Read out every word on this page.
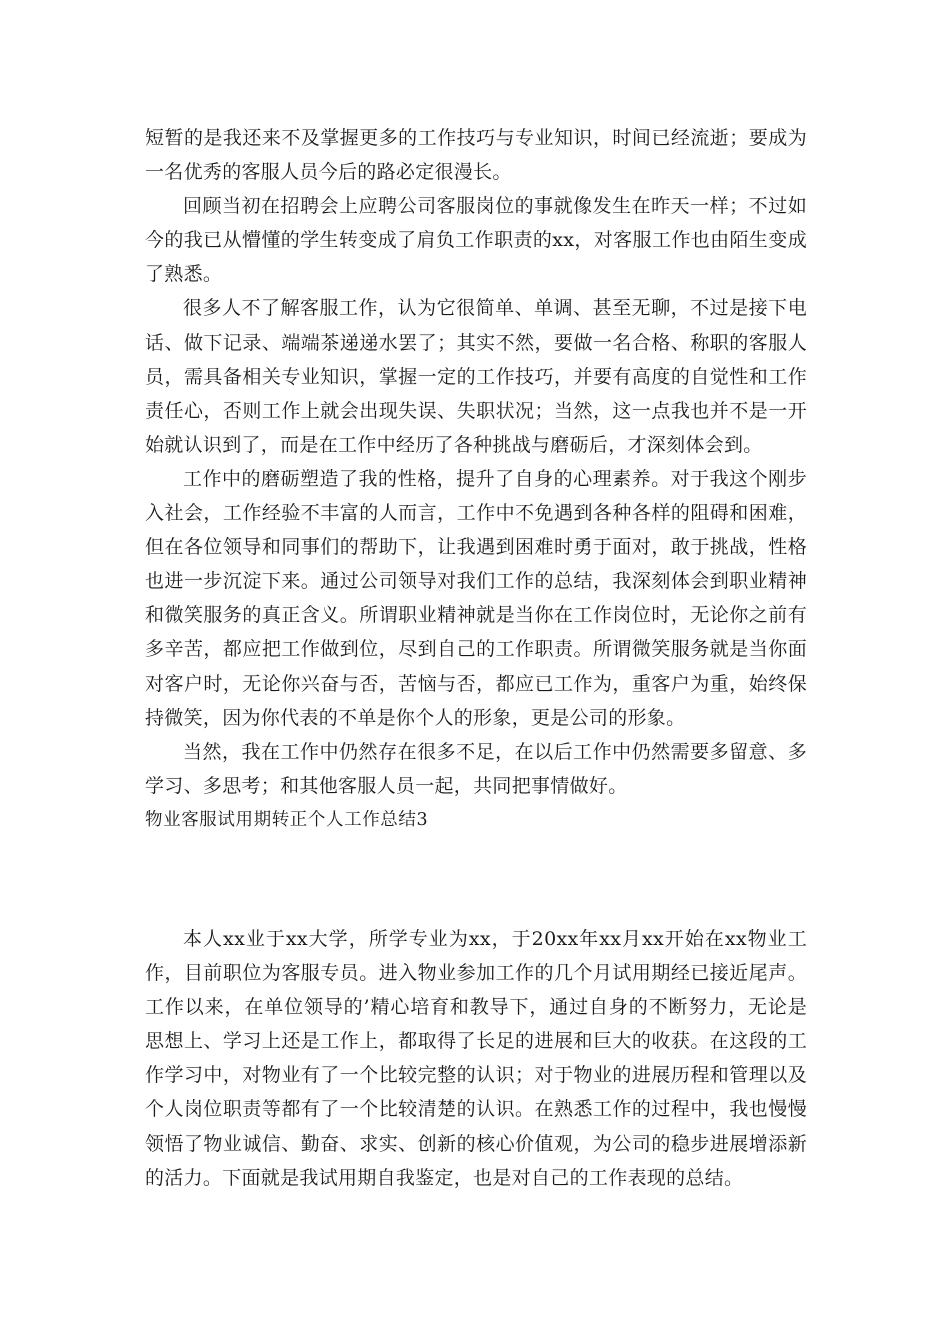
短暂的是我还来不及掌握更多的工作技巧与专业知识，时间已经流逝；要成为一名优秀的客服人员今后的路必定很漫长。

回顾当初在招聘会上应聘公司客服岗位的事就像发生在昨天一样；不过如今的我已从懵懂的学生转变成了肩负工作职责的xx，对客服工作也由陌生变成了熟悉。

很多人不了解客服工作，认为它很简单、单调、甚至无聊，不过是接下电话、做下记录、端端茶递递水罢了；其实不然，要做一名合格、称职的客服人员，需具备相关专业知识，掌握一定的工作技巧，并要有高度的自觉性和工作责任心，否则工作上就会出现失误、失职状况；当然，这一点我也并不是一开始就认识到了，而是在工作中经历了各种挑战与磨砺后，才深刻体会到。

工作中的磨砺塑造了我的性格，提升了自身的心理素养。对于我这个刚步入社会，工作经验不丰富的人而言，工作中不免遇到各种各样的阻碍和困难，但在各位领导和同事们的帮助下，让我遇到困难时勇于面对，敢于挑战，性格也进一步沉淀下来。通过公司领导对我们工作的总结，我深刻体会到职业精神和微笑服务的真正含义。所谓职业精神就是当你在工作岗位时，无论你之前有多辛苦，都应把工作做到位，尽到自己的工作职责。所谓微笑服务就是当你面对客户时，无论你兴奋与否，苦恼与否，都应已工作为，重客户为重，始终保持微笑，因为你代表的不单是你个人的形象，更是公司的形象。

当然，我在工作中仍然存在很多不足，在以后工作中仍然需要多留意、多学习、多思考；和其他客服人员一起，共同把事情做好。

物业客服试用期转正个人工作总结3

本人xx业于xx大学，所学专业为xx，于20xx年xx月xx开始在xx物业工作，目前职位为客服专员。进入物业参加工作的几个月试用期经已接近尾声。工作以来，在单位领导的’精心培育和教导下，通过自身的不断努力，无论是思想上、学习上还是工作上，都取得了长足的进展和巨大的收获。在这段的工作学习中，对物业有了一个比较完整的认识；对于物业的进展历程和管理以及个人岗位职责等都有了一个比较清楚的认识。在熟悉工作的过程中，我也慢慢领悟了物业诚信、勤奋、求实、创新的核心价值观，为公司的稳步进展增添新的活力。下面就是我试用期自我鉴定，也是对自己的工作表现的总结。
